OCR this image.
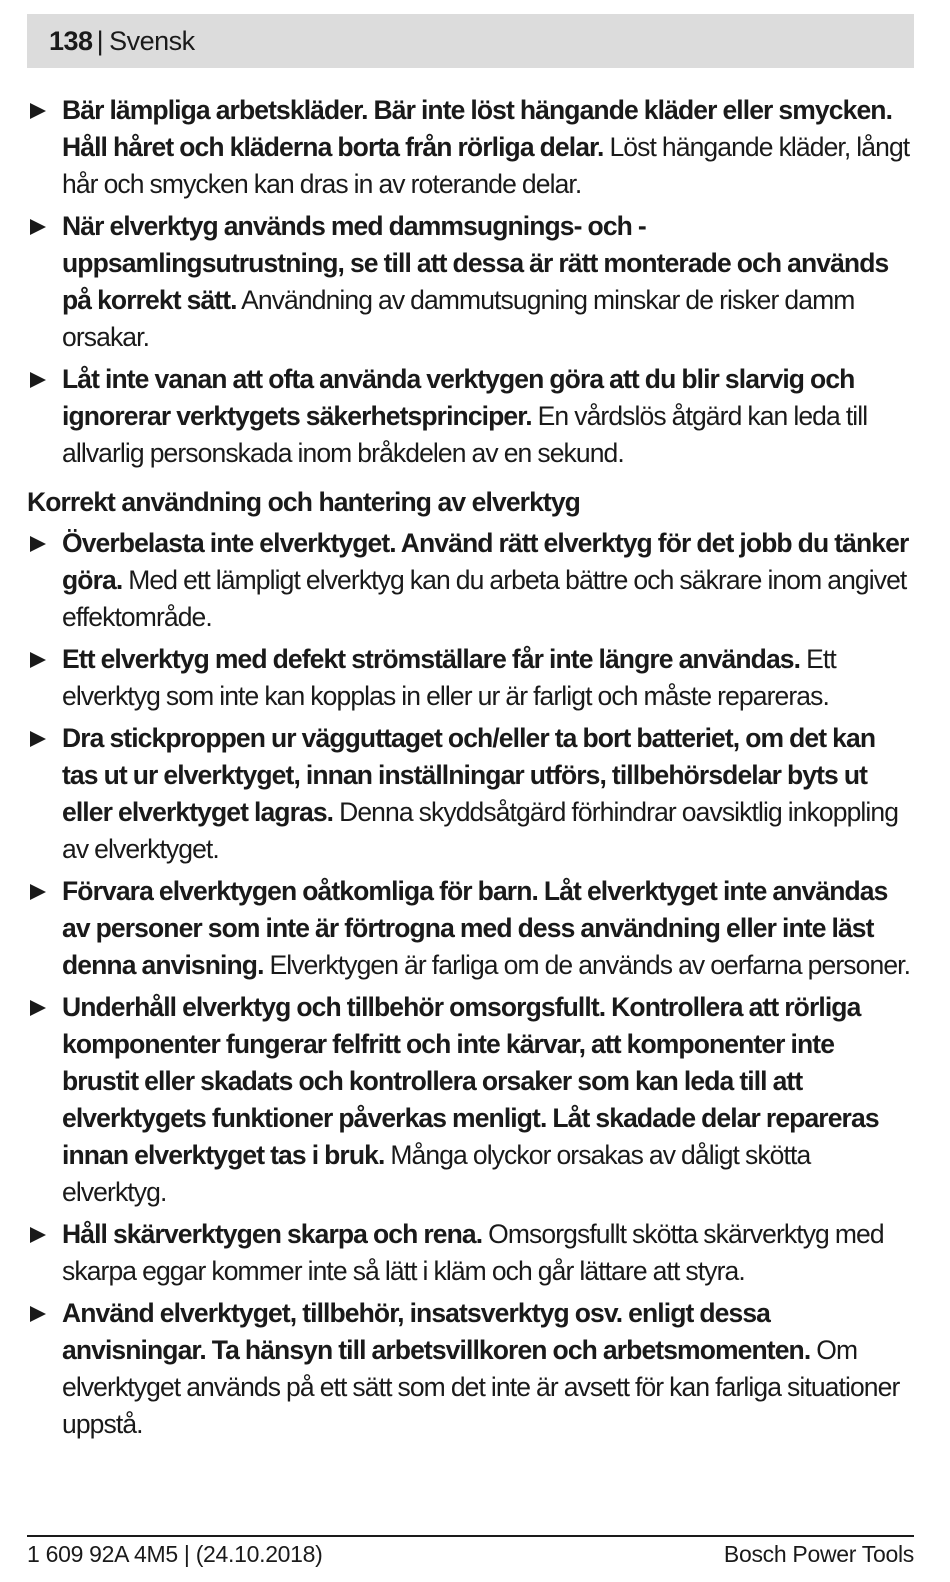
138 | Svensk
Bär lämpliga arbetskläder. Bär inte löst hängande kläder eller smycken. Håll håret och kläderna borta från rörliga delar. Löst hängande kläder, långt hår och smycken kan dras in av roterande delar.
När elverktyg används med dammsugnings- och -uppsamlingsutrustning, se till att dessa är rätt monterade och används på korrekt sätt. Användning av dammutsugning minskar de risker damm orsakar.
Låt inte vanan att ofta använda verktygen göra att du blir slarvig och ignorerar verktygets säkerhetsprinciper. En vårdslös åtgärd kan leda till allvarlig personskada inom bråkdelen av en sekund.
Korrekt användning och hantering av elverktyg
Överbelasta inte elverktyget. Använd rätt elverktyg för det jobb du tänker göra. Med ett lämpligt elverktyg kan du arbeta bättre och säkrare inom angivet effektområde.
Ett elverktyg med defekt strömställare får inte längre användas. Ett elverktyg som inte kan kopplas in eller ur är farligt och måste repareras.
Dra stickproppen ur vägguttaget och/eller ta bort batteriet, om det kan tas ut ur elverktyget, innan inställningar utförs, tillbehörsdelar byts ut eller elverktyget lagras. Denna skyddsåtgärd förhindrar oavsiktlig inkoppling av elverktyget.
Förvara elverktygen oåtkomliga för barn. Låt elverktyget inte användas av personer som inte är förtrogna med dess användning eller inte läst denna anvisning. Elverktygen är farliga om de används av oerfarna personer.
Underhåll elverktyg och tillbehör omsorgsfullt. Kontrollera att rörliga komponenter fungerar felfritt och inte kärvar, att komponenter inte brustit eller skadats och kontrollera orsaker som kan leda till att elverktygets funktioner påverkas menligt. Låt skadade delar repareras innan elverktyget tas i bruk. Många olyckor orsakas av dåligt skötta elverktyg.
Håll skärverktygen skarpa och rena. Omsorgsfullt skötta skärverktyg med skarpa eggar kommer inte så lätt i kläm och går lättare att styra.
Använd elverktyget, tillbehör, insatsverktyg osv. enligt dessa anvisningar. Ta hänsyn till arbetsvillkoren och arbetsmomenten. Om elverktyget används på ett sätt som det inte är avsett för kan farliga situationer uppstå.
1 609 92A 4M5 | (24.10.2018)	Bosch Power Tools
